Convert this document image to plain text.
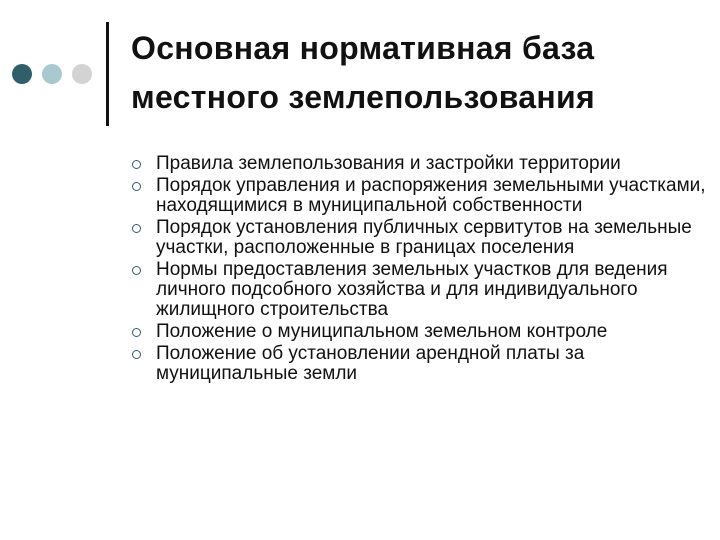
Основная нормативная база
местного землепользования
Правила землепользования и застройки территории
Порядок управления и распоряжения земельными участками, находящимися в муниципальной собственности
Порядок установления публичных сервитутов на земельные участки, расположенные в границах поселения
Нормы предоставления земельных участков для ведения личного подсобного хозяйства и для индивидуального жилищного строительства
Положение о муниципальном земельном контроле
Положение об установлении арендной платы за муниципальные земли
